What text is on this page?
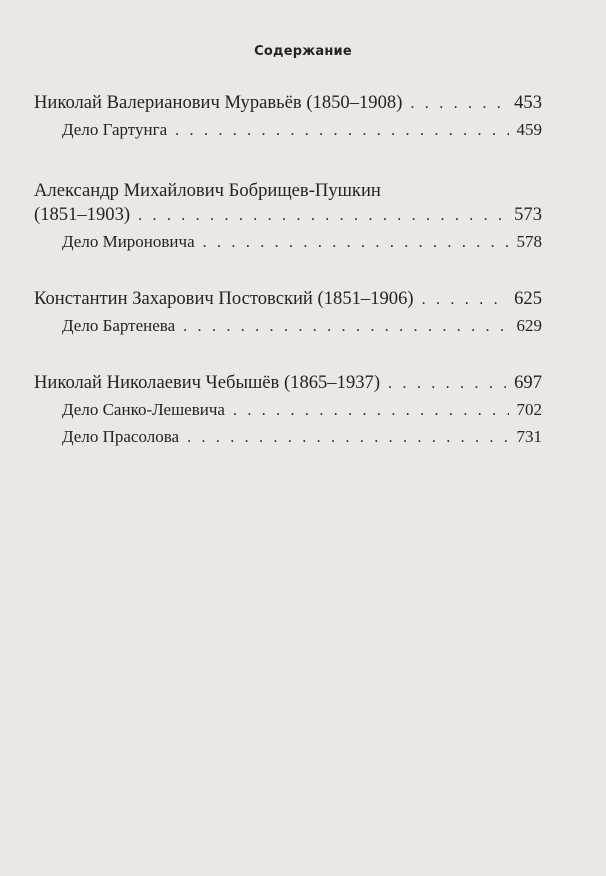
Содержание
Николай Валерианович Муравьёв (1850–1908) . . .	453
Дело Гартунга . . .	459
Александр Михайлович Бобрищев-Пушкин
(1851–1903) . . .	573
Дело Мироновича . . .	578
Константин Захарович Постовский (1851–1906) . . .	625
Дело Бартенева . . .	629
Николай Николаевич Чебышёв (1865–1937) . . .	697
Дело Санко-Лешевича . . .	702
Дело Прасолова . . .	731
